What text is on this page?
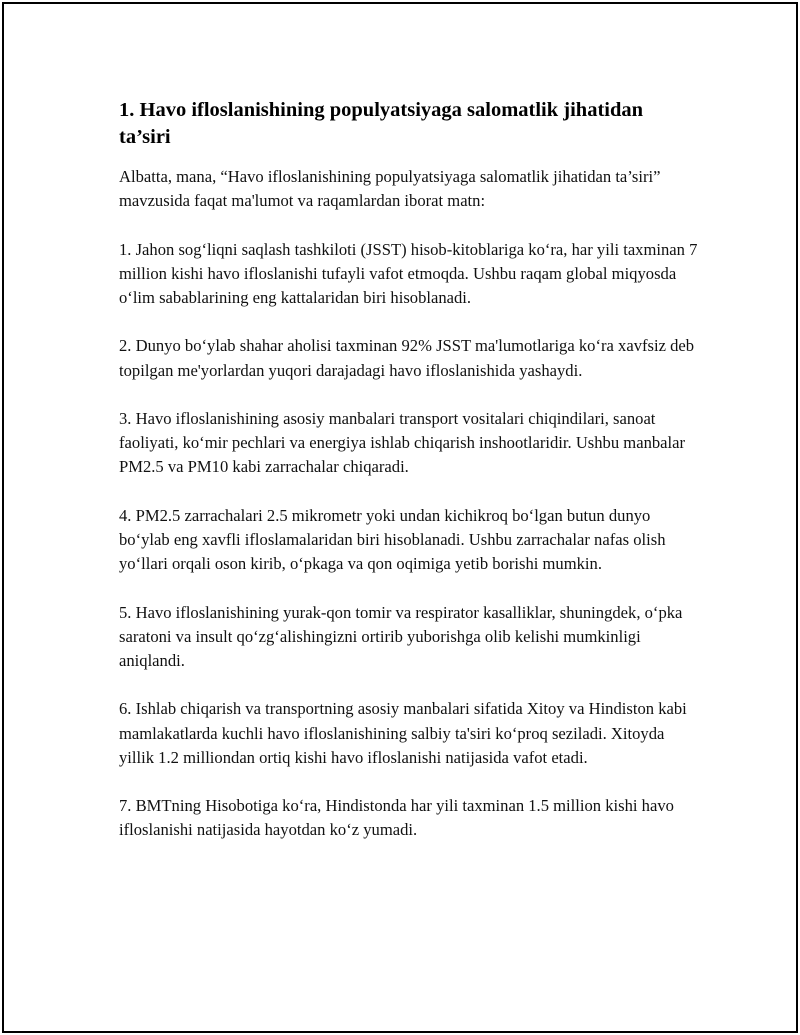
1. Havo ifloslanishining populyatsiyaga salomatlik jihatidan ta’siri

Albatta, mana, “Havo ifloslanishining populyatsiyaga salomatlik jihatidan ta’siri” mavzusida faqat ma'lumot va raqamlardan iborat matn:

1. Jahon sog‘liqni saqlash tashkiloti (JSST) hisob-kitoblariga ko‘ra, har yili taxminan 7 million kishi havo ifloslanishi tufayli vafot etmoqda. Ushbu raqam global miqyosda o‘lim sabablarining eng kattalaridan biri hisoblanadi.

2. Dunyo bo‘ylab shahar aholisi taxminan 92% JSST ma'lumotlariga ko‘ra xavfsiz deb topilgan me'yorlardan yuqori darajadagi havo ifloslanishida yashaydi.

3. Havo ifloslanishining asosiy manbalari transport vositalari chiqindilari, sanoat faoliyati, ko‘mir pechlari va energiya ishlab chiqarish inshootlaridir. Ushbu manbalar PM2.5 va PM10 kabi zarrachalar chiqaradi.

4. PM2.5 zarrachalari 2.5 mikrometr yoki undan kichikroq bo‘lgan butun dunyo bo‘ylab eng xavfli ifloslamalaridan biri hisoblanadi. Ushbu zarrachalar nafas olish yo‘llari orqali oson kirib, o‘pkaga va qon oqimiga yetib borishi mumkin.

5. Havo ifloslanishining yurak-qon tomir va respirator kasalliklar, shuningdek, o‘pka saratoni va insult qo‘zg‘alishingizni ortirib yuborishga olib kelishi mumkinligi aniqlandi.

6. Ishlab chiqarish va transportning asosiy manbalari sifatida Xitoy va Hindiston kabi mamlakatlarda kuchli havo ifloslanishining salbiy ta'siri ko‘proq seziladi. Xitoyda yillik 1.2 milliondan ortiq kishi havo ifloslanishi natijasida vafot etadi.

7. BMTning Hisobotiga ko‘ra, Hindistonda har yili taxminan 1.5 million kishi havo ifloslanishi natijasida hayotdan ko‘z yumadi.
